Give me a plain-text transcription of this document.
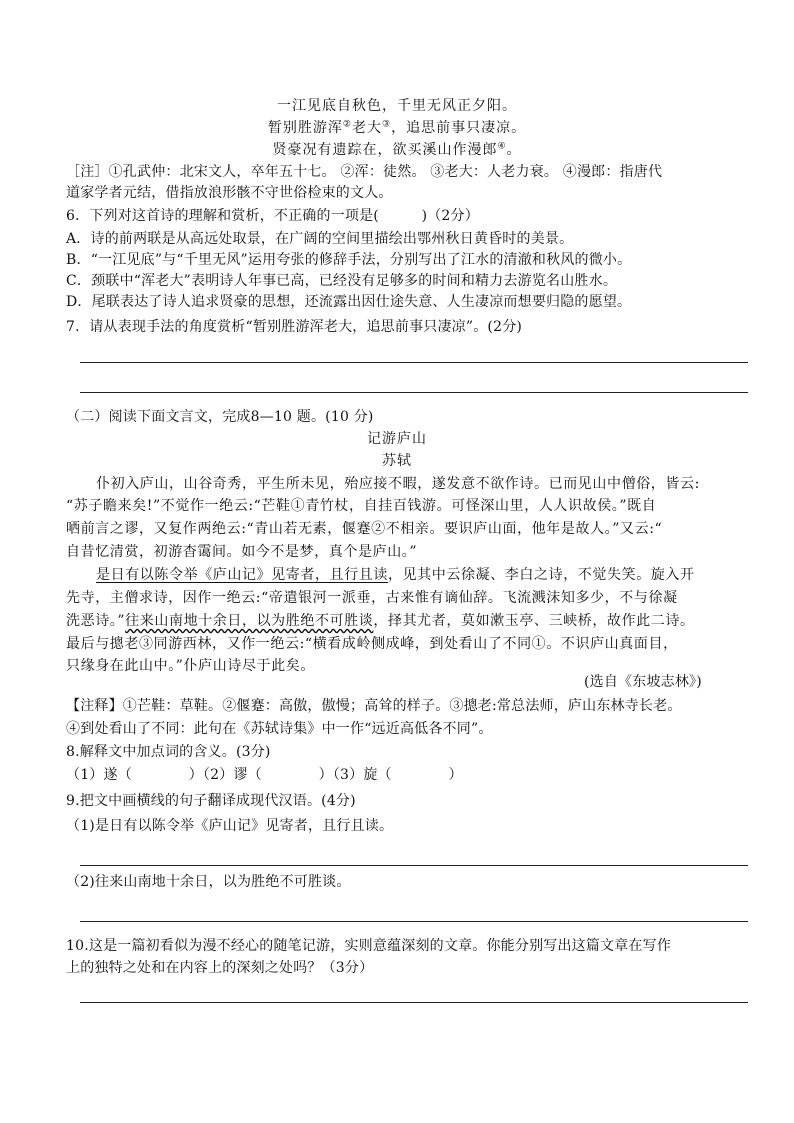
一江见底自秋色，千里无风正夕阳。
暂别胜游浑②老大③，追思前事只凄凉。
贤豪况有遗踪在，欲买溪山作漫郎④。
［注］①孔武仲：北宋文人，卒年五十七。 ②浑：徒然。 ③老大：人老力衰。 ④漫郎：指唐代
道家学者元结，借指放浪形骸不守世俗检束的文人。
6．下列对这首诗的理解和赏析，不正确的一项是(　　　)（2分）
A．诗的前两联是从高远处取景，在广阔的空间里描绘出鄂州秋日黄昏时的美景。
B．“一江见底”与“千里无风”运用夸张的修辞手法，分别写出了江水的清澈和秋风的微小。
C．颈联中“浑老大”表明诗人年事已高，已经没有足够多的时间和精力去游览名山胜水。
D．尾联表达了诗人追求贤豪的思想，还流露出因仕途失意、人生凄凉而想要归隐的愿望。
7．请从表现手法的角度赏析“暂别胜游浑老大，追思前事只凄凉”。(2分)
（二）阅读下面文言文，完成8—10 题。(10 分)
记游庐山
苏轼
仆初入庐山，山谷奇秀，平生所未见，殆应接不暇，遂发意不欲作诗。已而见山中僧俗，皆云:
“苏子瞻来矣!”不觉作一绝云:“芒鞋①青竹杖，自挂百钱游。可怪深山里，人人识故侯。”既自
哂前言之谬，又复作两绝云:“青山若无素，偃蹇②不相亲。要识庐山面，他年是故人。”又云:“
自昔忆清赏，初游杳霭间。如今不是梦，真个是庐山。”
是日有以陈令举《庐山记》见寄者，且行且读，见其中云徐凝、李白之诗，不觉失笑。旋入开
先寺，主僧求诗，因作一绝云:“帝遣银河一派垂，古来惟有谪仙辞。飞流溅沫知多少，不与徐凝
洗恶诗。”往来山南地十余日，以为胜绝不可胜谈，择其尤者，莫如漱玉亭、三峡桥，故作此二诗。
最后与摠老③同游西林，又作一绝云:“横看成岭侧成峰，到处看山了不同①。不识庐山真面目，
只缘身在此山中。”仆庐山诗尽于此矣。
(选自《东坡志林》)
【注释】①芒鞋：草鞋。②偃蹇：高傲，傲慢；高耸的样子。③摠老:常总法师，庐山东林寺长老。
④到处看山了不同：此句在《苏轼诗集》中一作“远近高低各不同”。
8.解释文中加点词的含义。(3分)
（1）遂（　　　　）（2）谬（　　　　）（3）旋（　　　　）
9.把文中画横线的句子翻译成现代汉语。(4分)
（1)是日有以陈令举《庐山记》见寄者，且行且读。
（2)往来山南地十余日，以为胜绝不可胜谈。
10.这是一篇初看似为漫不经心的随笔记游，实则意蕴深刻的文章。你能分别写出这篇文章在写作
上的独特之处和在内容上的深刻之处吗？（3分）
